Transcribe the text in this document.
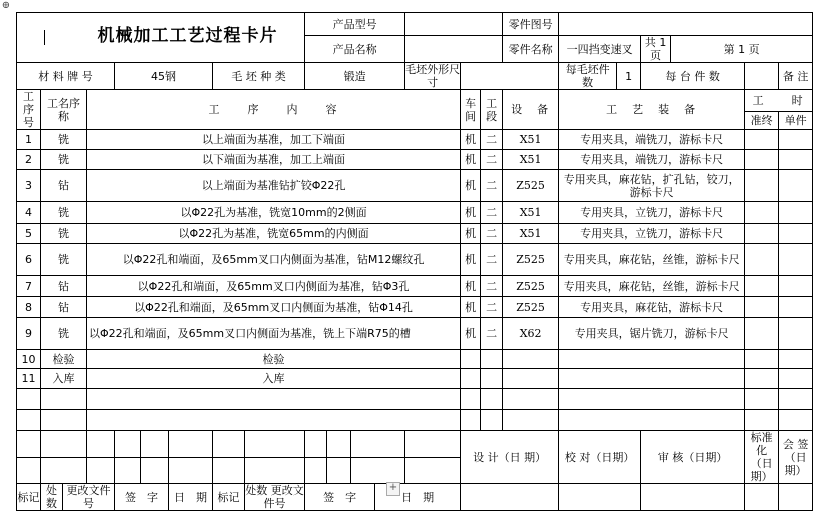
⊕
机械加工工艺过程卡片									产品型号							零件图号							
									产品名称							零件名称	一四挡变速叉		共 1 页	第 1 页			
材 料 牌 号				45钢			毛 坯 种 类		锻造				毛坯外形尺寸				每毛坯件数	1	每 台 件 数			备 注	
工序号	工名序称		工　　序　　内　　容											车间	工段	设　备	工　艺　装　备				工　　时		
																					准终	单件	
1	铣		以上端面为基准，加工下端面											机	二	X51	专用夹具，端铣刀，游标卡尺						
2	铣		以下端面为基准，加工上端面											机	二	X51	专用夹具，端铣刀，游标卡尺						
3	钻		以上端面为基准钻扩铰Φ22孔											机	二	Z525	专用夹具，麻花钻，扩孔钻，铰刀，游标卡尺						
4	铣		以Φ22孔为基准，铣宽10mm的2侧面											机	二	X51	专用夹具，立铣刀，游标卡尺						
5	铣		以Φ22孔为基准，铣宽65mm的内侧面											机	二	X51	专用夹具，立铣刀，游标卡尺						
6	铣		以Φ22孔和端面，及65mm叉口内侧面为基准，钻M12螺纹孔											机	二	Z525	专用夹具，麻花钻，丝锥，游标卡尺						
7	钻		以Φ22孔和端面，及65mm叉口内侧面为基准，钻Φ3孔											机	二	Z525	专用夹具，麻花钻，丝锥，游标卡尺						
8	钻		以Φ22孔和端面，及65mm叉口内侧面为基准，钻Φ14孔											机	二	Z525	专用夹具，麻花钻，游标卡尺						
9	铣		以Φ22孔和端面，及65mm叉口内侧面为基准，铣上下端R75的槽											机	二	X62	专用夹具，锯片铣刀，游标卡尺						
10	检验		检验																				
11	入库		入库																				

														设 计（日 期）			校 对（日期）		审 核（日期）		标准化（日期）	会 签（日期）	

标记	处数	更改文件号		签　字		日　期	标记	处数 更改文件号	签　字			日　期											
+
